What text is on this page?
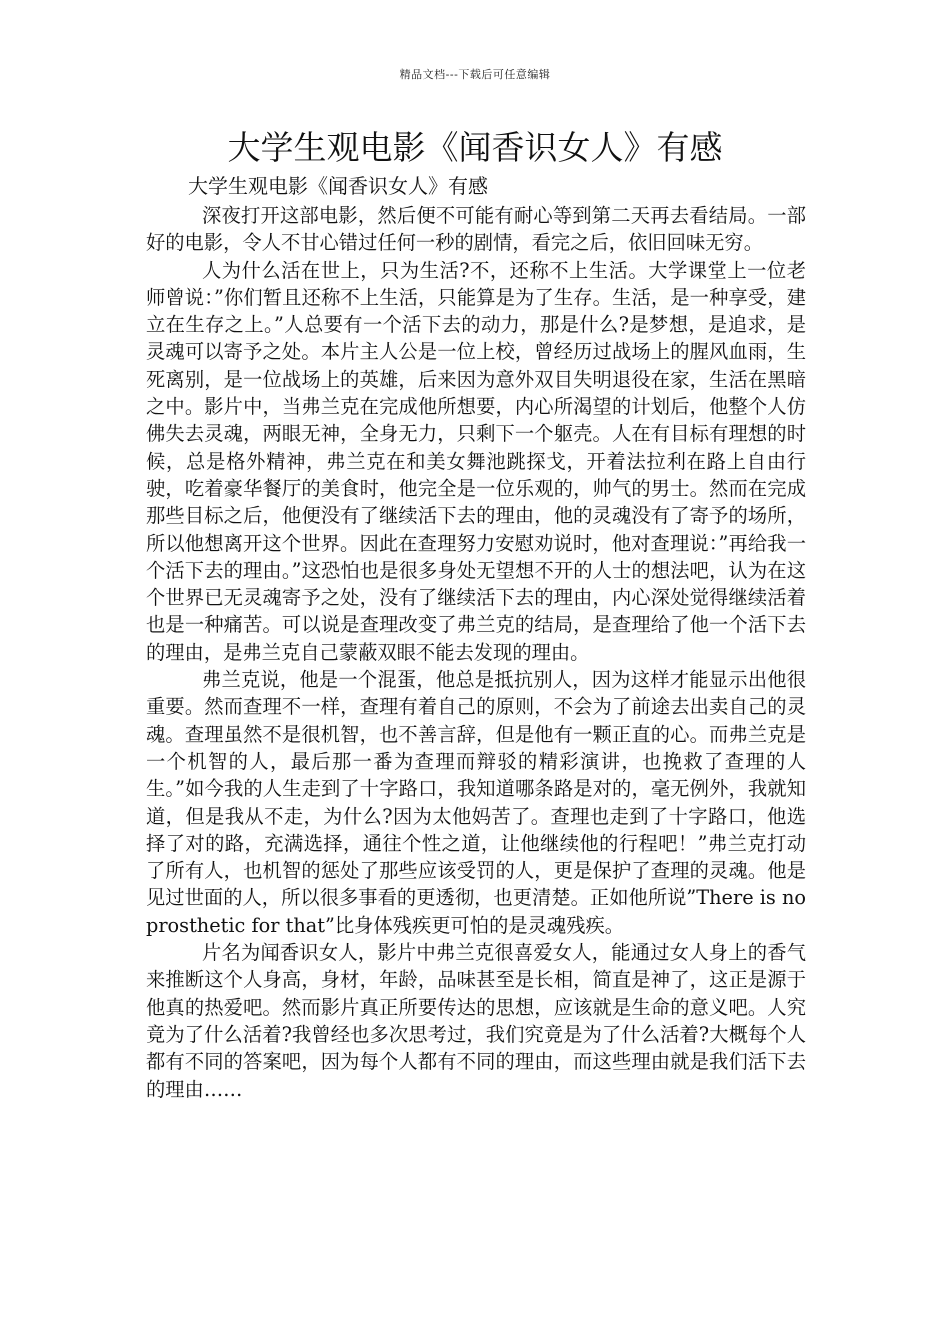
精品文档---下载后可任意编辑
大学生观电影《闻香识女人》有感
大学生观电影《闻香识女人》有感

深夜打开这部电影，然后便不可能有耐心等到第二天再去看结局。一部好的电影，令人不甘心错过任何一秒的剧情，看完之后，依旧回味无穷。

人为什么活在世上，只为生活?不，还称不上生活。大学课堂上一位老师曾说：”你们暂且还称不上生活，只能算是为了生存。生活，是一种享受，建立在生存之上。”人总要有一个活下去的动力，那是什么?是梦想，是追求，是灵魂可以寄予之处。本片主人公是一位上校，曾经历过战场上的腥风血雨，生死离别，是一位战场上的英雄，后来因为意外双目失明退役在家，生活在黑暗之中。影片中，当弗兰克在完成他所想要，内心所渴望的计划后，他整个人仿佛失去灵魂，两眼无神，全身无力，只剩下一个躯壳。人在有目标有理想的时候，总是格外精神，弗兰克在和美女舞池跳探戈，开着法拉利在路上自由行驶，吃着豪华餐厅的美食时，他完全是一位乐观的，帅气的男士。然而在完成那些目标之后，他便没有了继续活下去的理由，他的灵魂没有了寄予的场所，所以他想离开这个世界。因此在查理努力安慰劝说时，他对查理说：”再给我一个活下去的理由。”这恐怕也是很多身处无望想不开的人士的想法吧，认为在这个世界已无灵魂寄予之处，没有了继续活下去的理由，内心深处觉得继续活着也是一种痛苦。可以说是查理改变了弗兰克的结局，是查理给了他一个活下去的理由，是弗兰克自己蒙蔽双眼不能去发现的理由。

弗兰克说，他是一个混蛋，他总是抵抗别人，因为这样才能显示出他很重要。然而查理不一样，查理有着自己的原则，不会为了前途去出卖自己的灵魂。查理虽然不是很机智，也不善言辞，但是他有一颗正直的心。而弗兰克是一个机智的人，最后那一番为查理而辩驳的精彩演讲，也挽救了查理的人生。”如今我的人生走到了十字路口，我知道哪条路是对的，毫无例外，我就知道，但是我从不走，为什么?因为太他妈苦了。查理也走到了十字路口，他选择了对的路，充满选择，通往个性之道，让他继续他的行程吧！”弗兰克打动了所有人，也机智的惩处了那些应该受罚的人，更是保护了查理的灵魂。他是见过世面的人，所以很多事看的更透彻，也更清楚。正如他所说”There is no prosthetic for that”比身体残疾更可怕的是灵魂残疾。

片名为闻香识女人，影片中弗兰克很喜爱女人，能通过女人身上的香气来推断这个人身高，身材，年龄，品味甚至是长相，简直是神了，这正是源于他真的热爱吧。然而影片真正所要传达的思想，应该就是生命的意义吧。人究竟为了什么活着?我曾经也多次思考过，我们究竟是为了什么活着?大概每个人都有不同的答案吧，因为每个人都有不同的理由，而这些理由就是我们活下去的理由……
